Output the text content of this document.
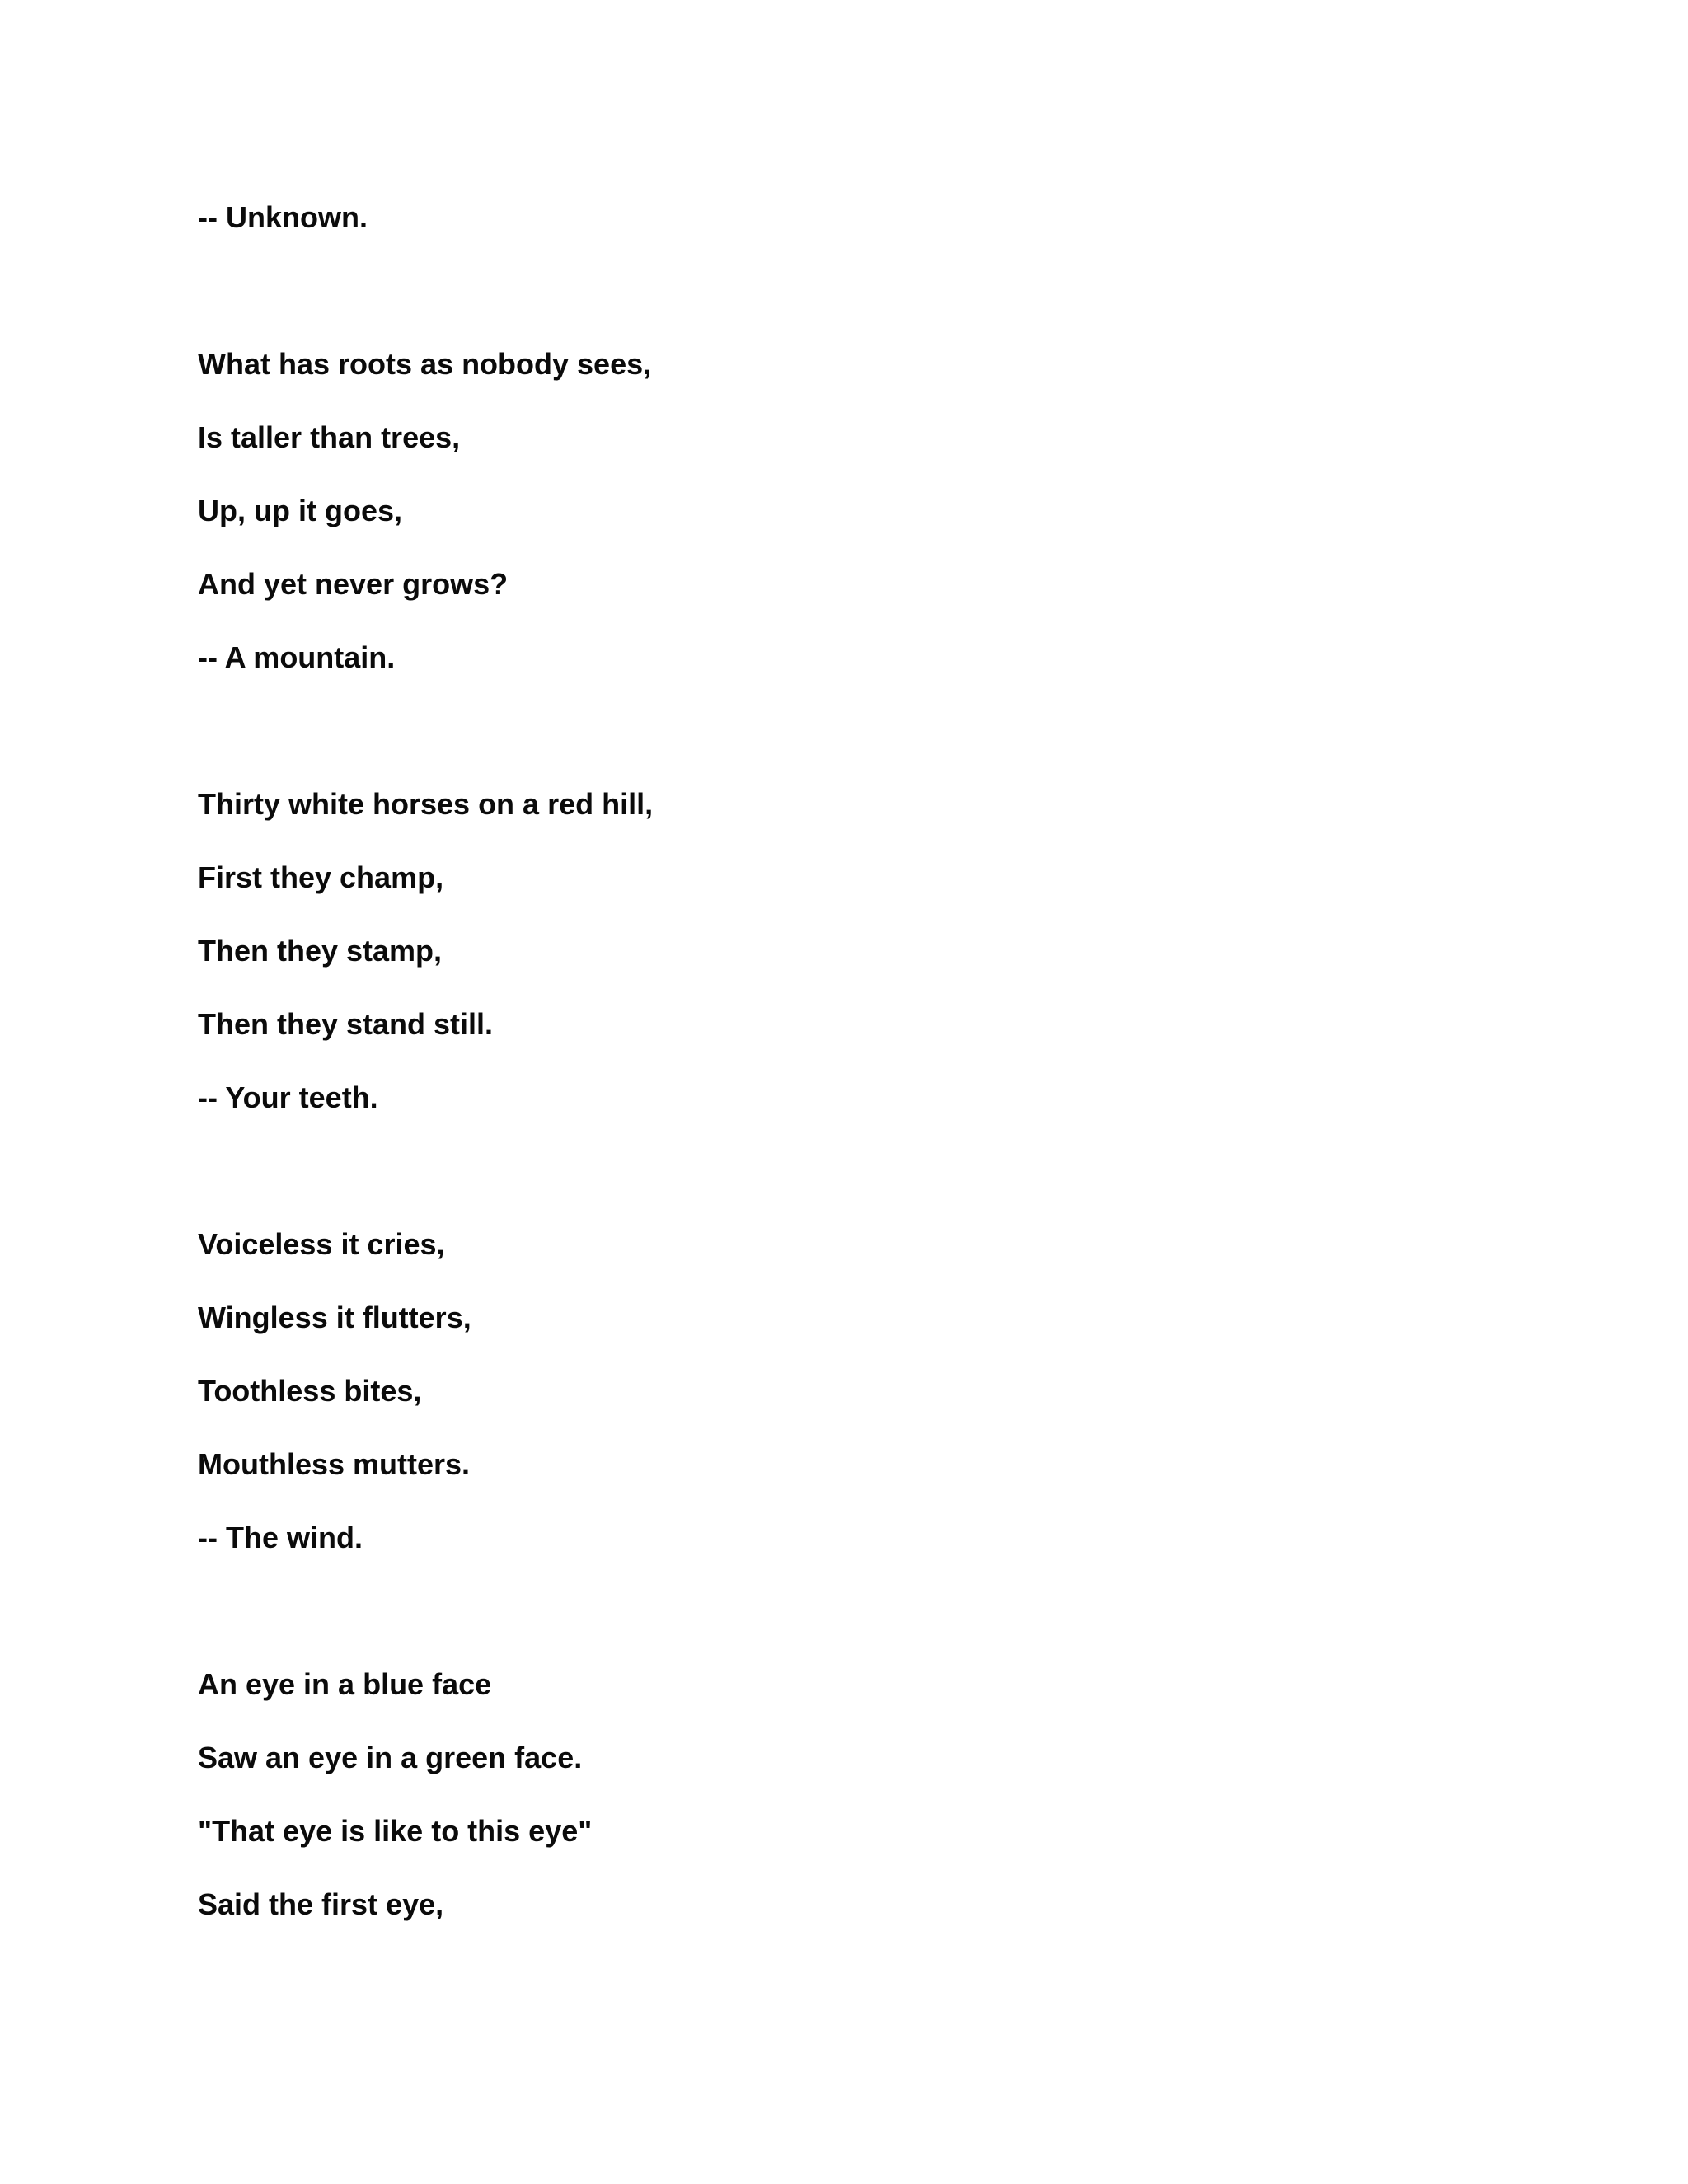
-- Unknown.
What has roots as nobody sees,
Is taller than trees,
Up, up it goes,
And yet never grows?
-- A mountain.
Thirty white horses on a red hill,
First they champ,
Then they stamp,
Then they stand still.
-- Your teeth.
Voiceless it cries,
Wingless it flutters,
Toothless bites,
Mouthless mutters.
-- The wind.
An eye in a blue face
Saw an eye in a green face.
"That eye is like to this eye"
Said the first eye,
